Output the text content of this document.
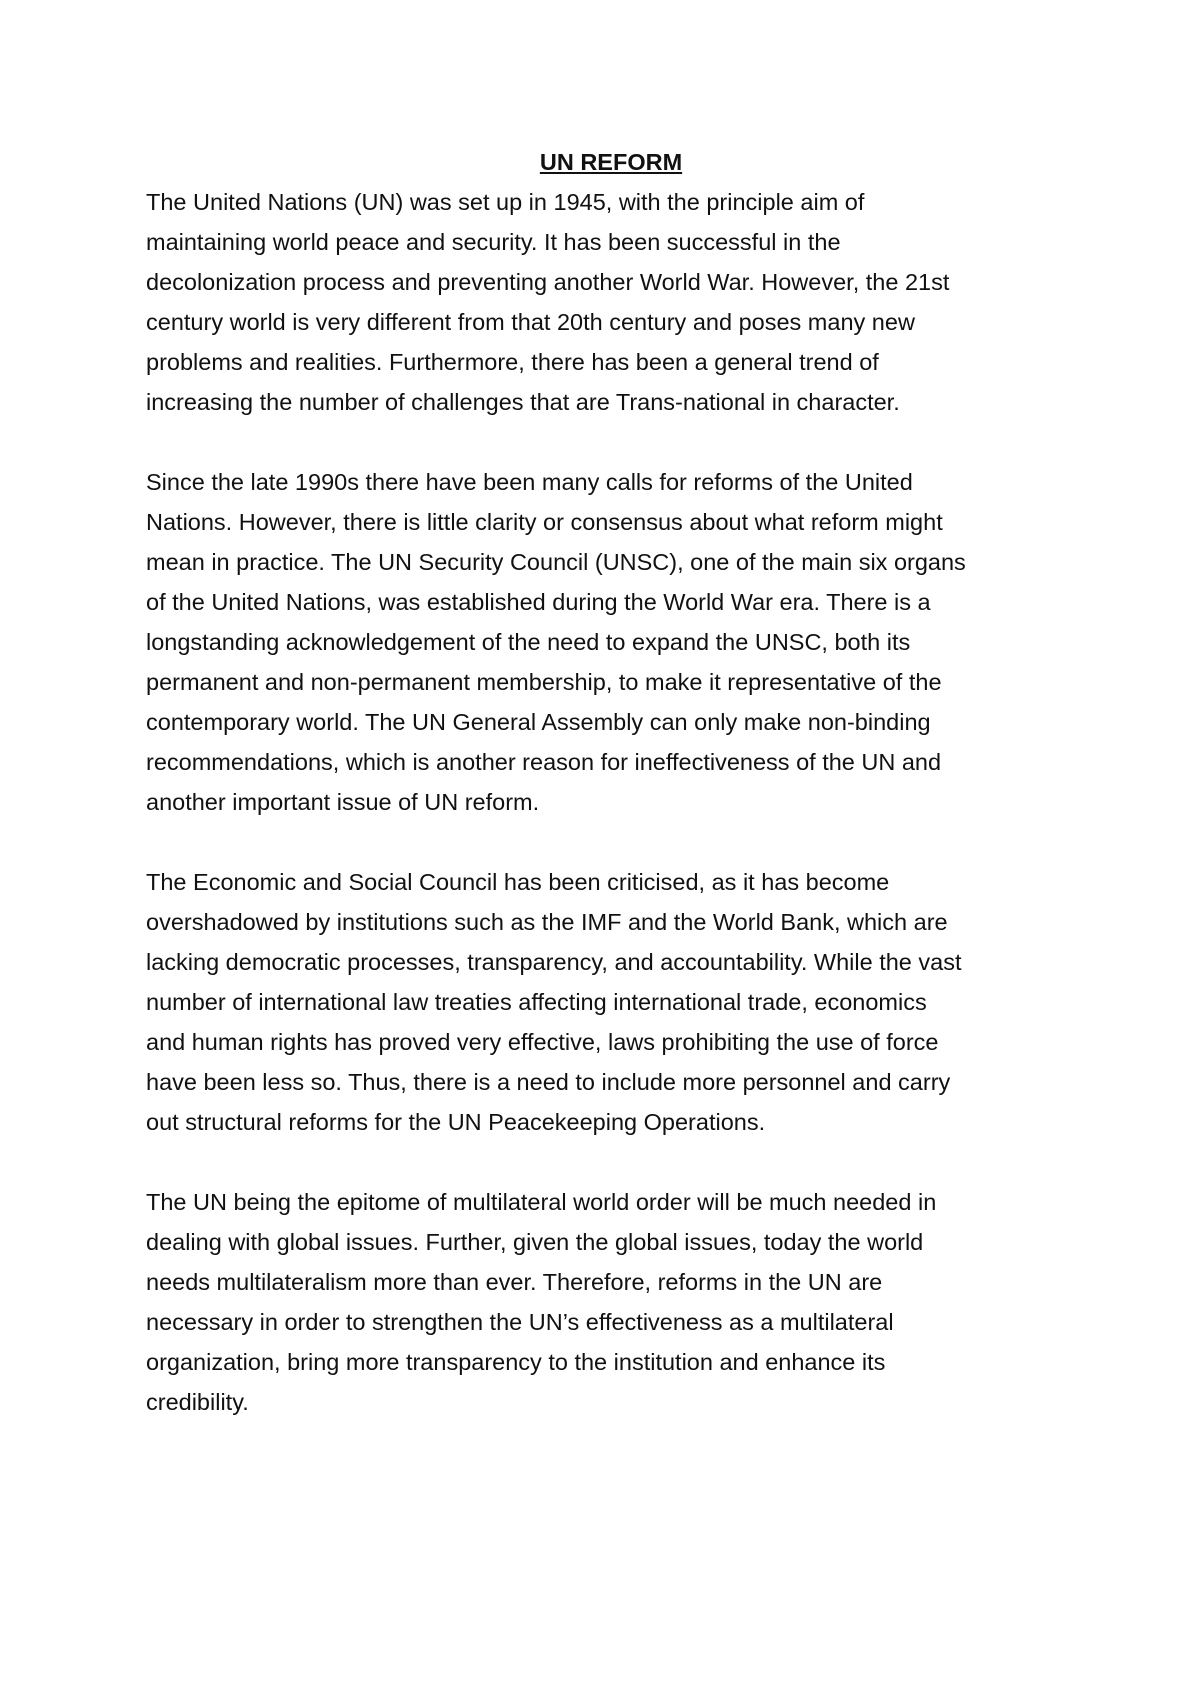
UN REFORM

The United Nations (UN) was set up in 1945, with the principle aim of
maintaining world peace and security. It has been successful in the
decolonization process and preventing another World War. However, the 21st
century world is very different from that 20th century and poses many new
problems and realities. Furthermore, there has been a general trend of
increasing the number of challenges that are Trans-national in character.

Since the late 1990s there have been many calls for reforms of the United
Nations. However, there is little clarity or consensus about what reform might
mean in practice. The UN Security Council (UNSC), one of the main six organs
of the United Nations, was established during the World War era. There is a
longstanding acknowledgement of the need to expand the UNSC, both its
permanent and non-permanent membership, to make it representative of the
contemporary world. The UN General Assembly can only make non-binding
recommendations, which is another reason for ineffectiveness of the UN and
another important issue of UN reform.

The Economic and Social Council has been criticised, as it has become
overshadowed by institutions such as the IMF and the World Bank, which are
lacking democratic processes, transparency, and accountability. While the vast
number of international law treaties affecting international trade, economics
and human rights has proved very effective, laws prohibiting the use of force
have been less so. Thus, there is a need to include more personnel and carry
out structural reforms for the UN Peacekeeping Operations.

The UN being the epitome of multilateral world order will be much needed in
dealing with global issues. Further, given the global issues, today the world
needs multilateralism more than ever. Therefore, reforms in the UN are
necessary in order to strengthen the UN’s effectiveness as a multilateral
organization, bring more transparency to the institution and enhance its
credibility.
